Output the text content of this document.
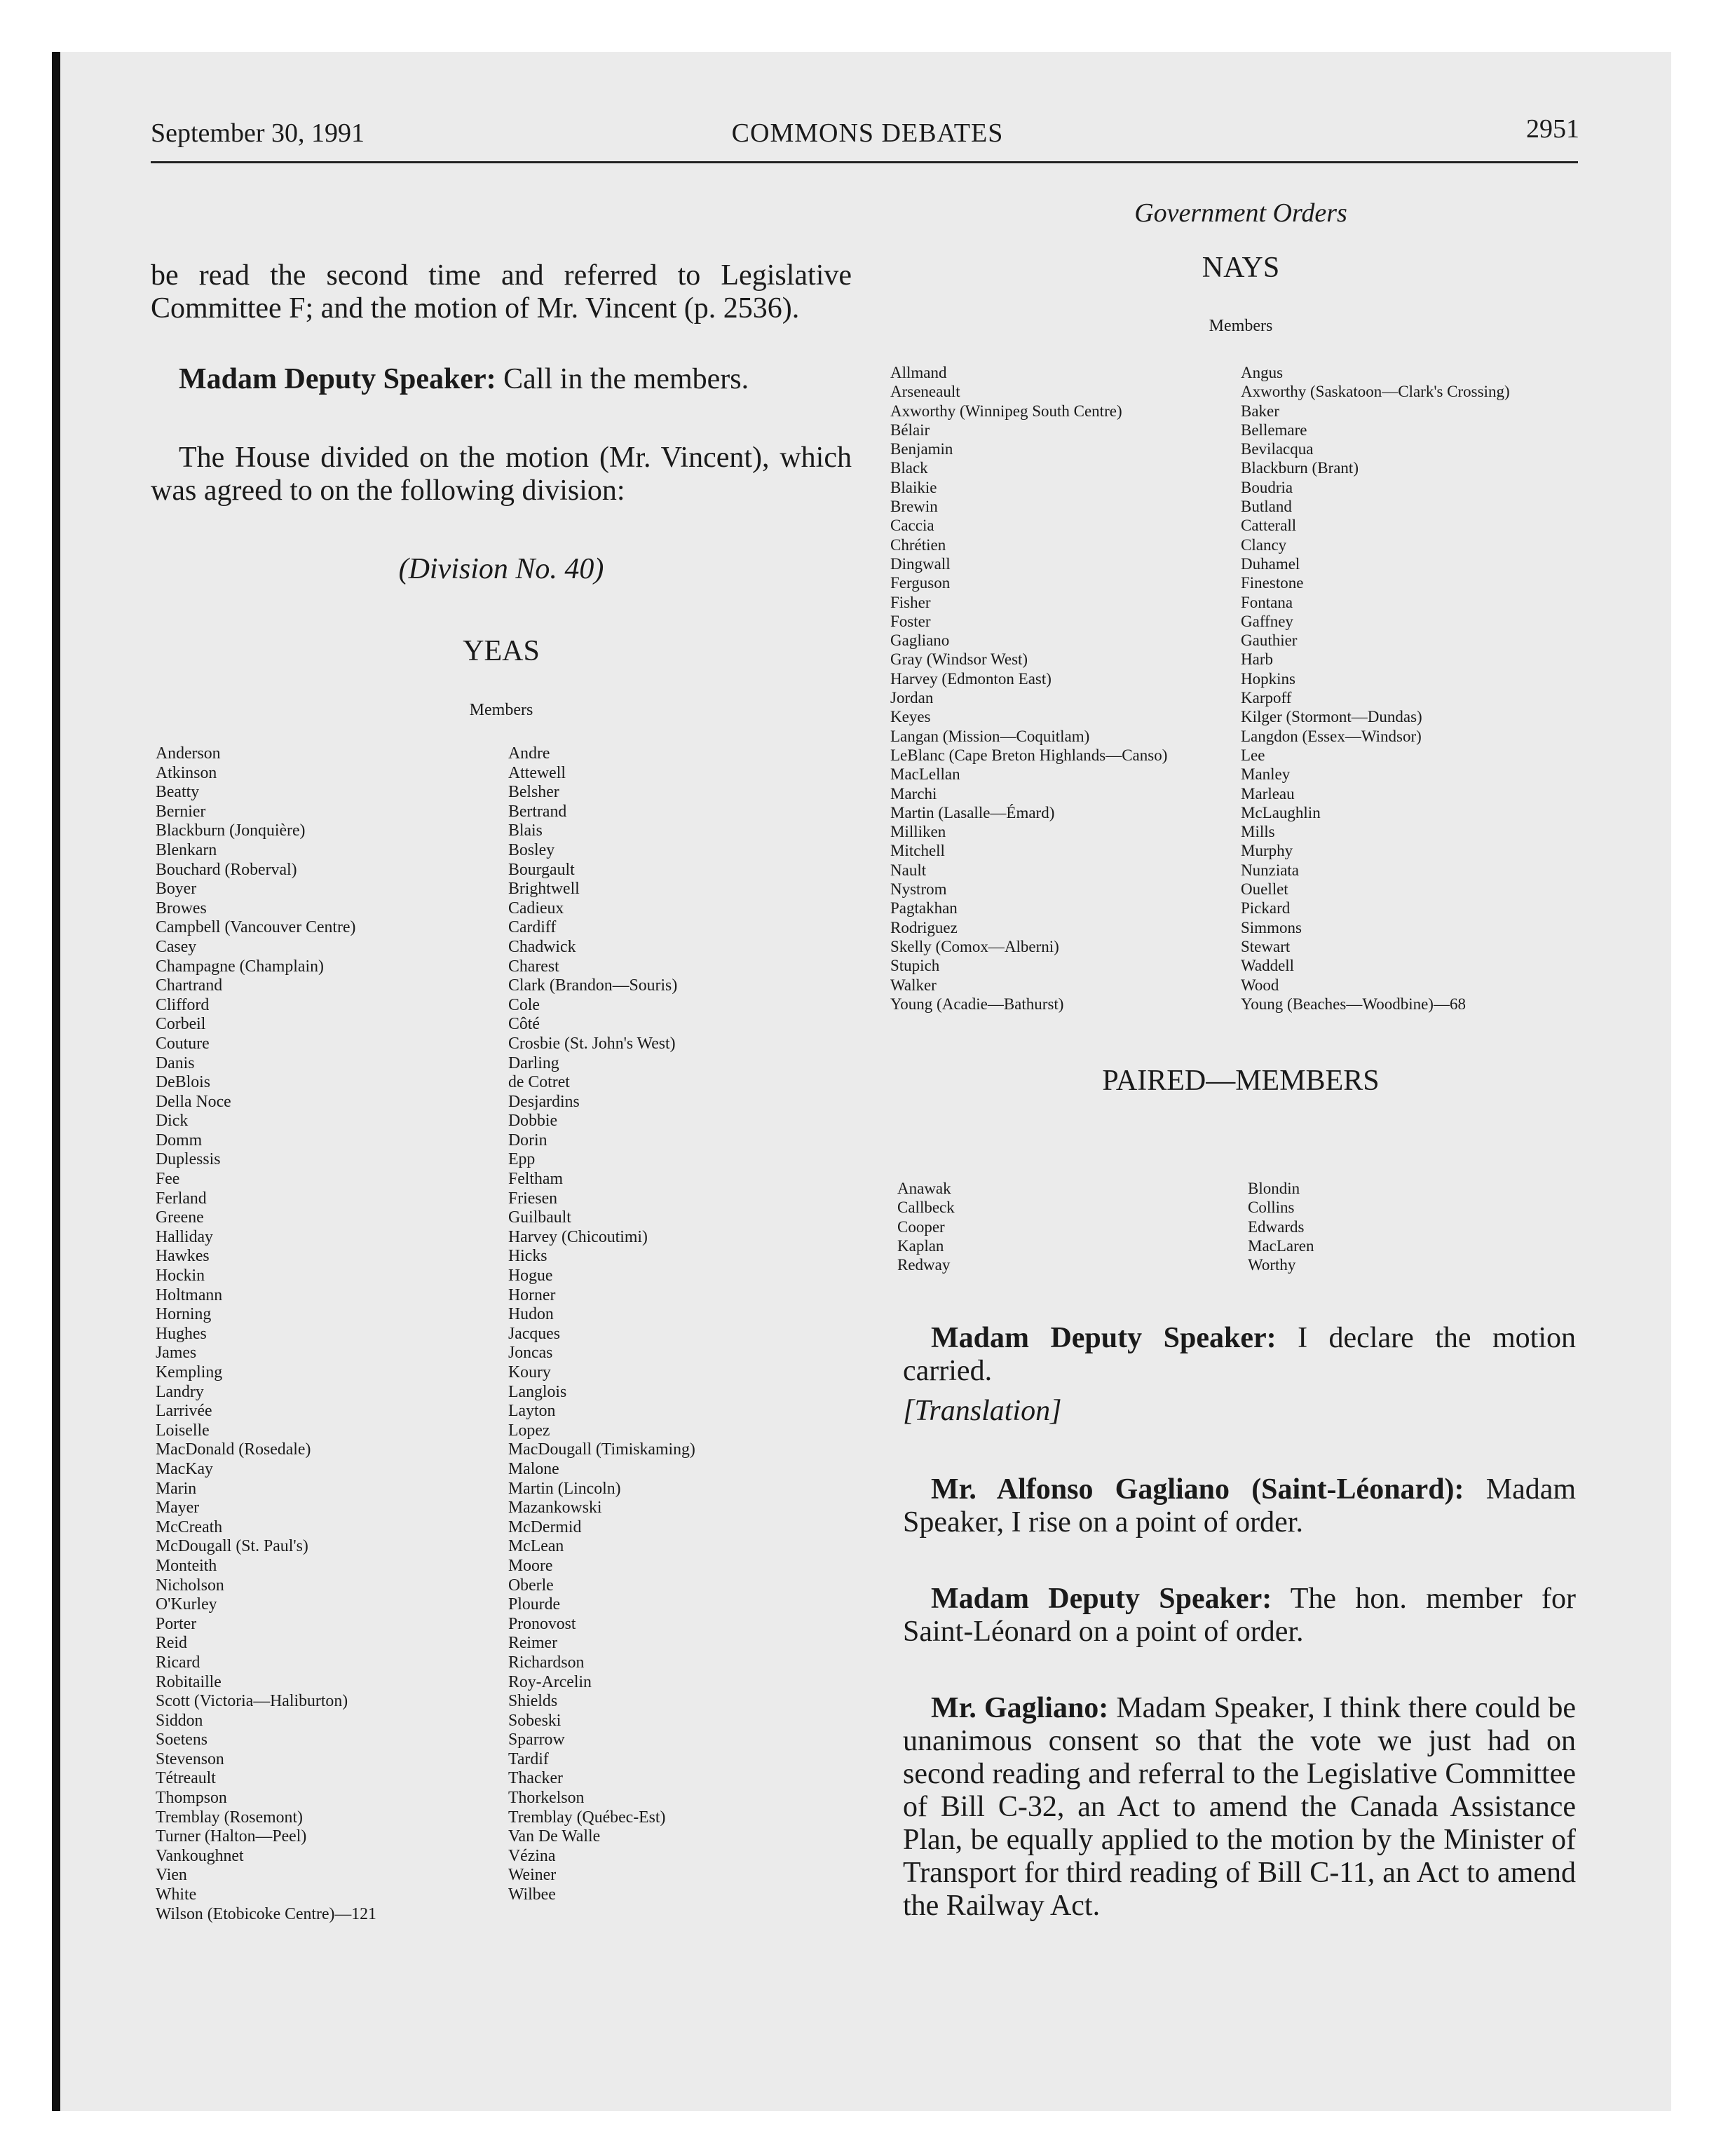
September 30, 1991	COMMONS DEBATES	2951
Government Orders
be read the second time and referred to Legislative Committee F; and the motion of Mr. Vincent (p. 2536).
Madam Deputy Speaker: Call in the members.
The House divided on the motion (Mr. Vincent), which was agreed to on the following division:
(Division No. 40)
YEAS
Members
Anderson
Atkinson
Beatty
Bernier
Blackburn (Jonquière)
Blenkarn
Bouchard (Roberval)
Boyer
Browes
Campbell (Vancouver Centre)
Casey
Champagne (Champlain)
Chartrand
Clifford
Corbeil
Couture
Danis
DeBlois
Della Noce
Dick
Domm
Duplessis
Fee
Ferland
Greene
Halliday
Hawkes
Hockin
Holtmann
Horning
Hughes
James
Kempling
Landry
Larrivée
Loiselle
MacDonald (Rosedale)
MacKay
Marin
Mayer
McCreath
McDougall (St. Paul's)
Monteith
Nicholson
O'Kurley
Porter
Reid
Ricard
Robitaille
Scott (Victoria—Haliburton)
Siddon
Soetens
Stevenson
Tétreault
Thompson
Tremblay (Rosemont)
Turner (Halton—Peel)
Vankoughnet
Vien
White
Wilson (Etobicoke Centre)—121
Andre
Attewell
Belsher
Bertrand
Blais
Bosley
Bourgault
Brightwell
Cadieux
Cardiff
Chadwick
Charest
Clark (Brandon—Souris)
Cole
Côté
Crosbie (St. John's West)
Darling
de Cotret
Desjardins
Dobbie
Dorin
Epp
Feltham
Friesen
Guilbault
Harvey (Chicoutimi)
Hicks
Hogue
Horner
Hudon
Jacques
Joncas
Koury
Langlois
Layton
Lopez
MacDougall (Timiskaming)
Malone
Martin (Lincoln)
Mazankowski
McDermid
McLean
Moore
Oberle
Plourde
Pronovost
Reimer
Richardson
Roy-Arcelin
Shields
Sobeski
Sparrow
Tardif
Thacker
Thorkelson
Tremblay (Québec-Est)
Van De Walle
Vézina
Weiner
Wilbee
NAYS
Members
Allmand
Arseneault
Axworthy (Winnipeg South Centre)
Bélair
Benjamin
Black
Blaikie
Brewin
Caccia
Chrétien
Dingwall
Ferguson
Fisher
Foster
Gagliano
Gray (Windsor West)
Harvey (Edmonton East)
Jordan
Keyes
Langan (Mission—Coquitlam)
LeBlanc (Cape Breton Highlands—Canso)
MacLellan
Marchi
Martin (Lasalle—Émard)
Milliken
Mitchell
Nault
Nystrom
Pagtakhan
Rodriguez
Skelly (Comox—Alberni)
Stupich
Walker
Young (Acadie—Bathurst)
Angus
Axworthy (Saskatoon—Clark's Crossing)
Baker
Bellemare
Bevilacqua
Blackburn (Brant)
Boudria
Butland
Catterall
Clancy
Duhamel
Finestone
Fontana
Gaffney
Gauthier
Harb
Hopkins
Karpoff
Kilger (Stormont—Dundas)
Langdon (Essex—Windsor)
Lee
Manley
Marleau
McLaughlin
Mills
Murphy
Nunziata
Ouellet
Pickard
Simmons
Stewart
Waddell
Wood
Young (Beaches—Woodbine)—68
PAIRED—MEMBERS
Anawak
Callbeck
Cooper
Kaplan
Redway
Blondin
Collins
Edwards
MacLaren
Worthy
Madam Deputy Speaker: I declare the motion carried.
[Translation]
Mr. Alfonso Gagliano (Saint-Léonard): Madam Speaker, I rise on a point of order.
Madam Deputy Speaker: The hon. member for Saint-Léonard on a point of order.
Mr. Gagliano: Madam Speaker, I think there could be unanimous consent so that the vote we just had on second reading and referral to the Legislative Committee of Bill C-32, an Act to amend the Canada Assistance Plan, be equally applied to the motion by the Minister of Transport for third reading of Bill C-11, an Act to amend the Railway Act.
